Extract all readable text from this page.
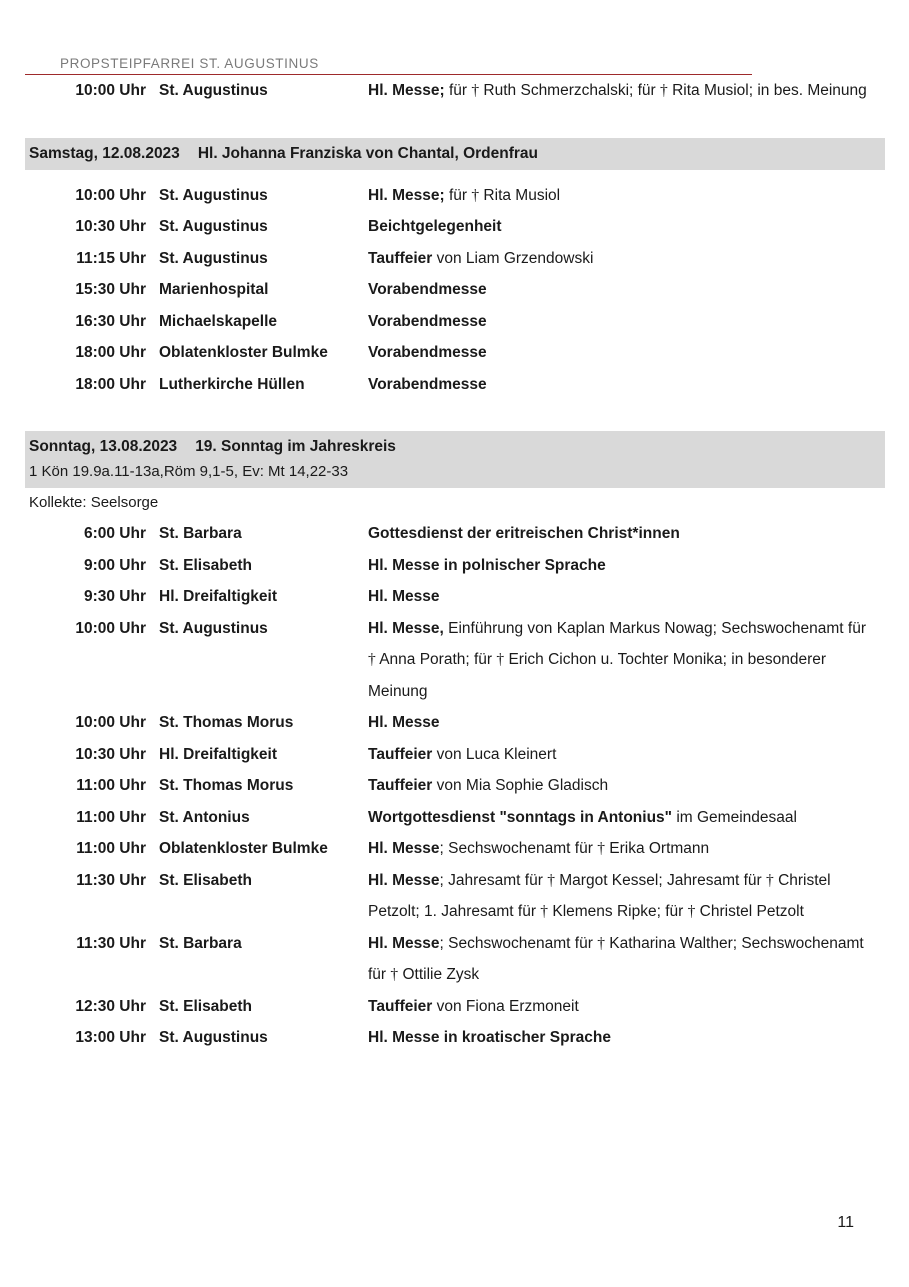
PROPSTEIPFARREI ST. AUGUSTINUS
10:00 Uhr St. Augustinus	Hl. Messe; für † Ruth Schmerzchalski; für † Rita Musiol; in bes. Meinung
Samstag, 12.08.2023 Hl. Johanna Franziska von Chantal, Ordenfrau
10:00 Uhr St. Augustinus	Hl. Messe; für † Rita Musiol
10:30 Uhr St. Augustinus	Beichtgelegenheit
11:15 Uhr St. Augustinus	Tauffeier von Liam Grzendowski
15:30 Uhr Marienhospital	Vorabendmesse
16:30 Uhr Michaelskapelle	Vorabendmesse
18:00 Uhr Oblatenkloster Bulmke	Vorabendmesse
18:00 Uhr Lutherkirche Hüllen	Vorabendmesse
Sonntag, 13.08.2023 19. Sonntag im Jahreskreis
1 Kön 19.9a.11-13a,Röm 9,1-5, Ev: Mt 14,22-33
Kollekte: Seelsorge
6:00 Uhr St. Barbara	Gottesdienst der eritreischen Christ*innen
9:00 Uhr St. Elisabeth	Hl. Messe in polnischer Sprache
9:30 Uhr Hl. Dreifaltigkeit	Hl. Messe
10:00 Uhr St. Augustinus	Hl. Messe, Einführung von Kaplan Markus Nowag; Sechswochenamt für † Anna Porath; für † Erich Cichon u. Tochter Monika; in besonderer Meinung
10:00 Uhr St. Thomas Morus	Hl. Messe
10:30 Uhr Hl. Dreifaltigkeit	Tauffeier von Luca Kleinert
11:00 Uhr St. Thomas Morus	Tauffeier von Mia Sophie Gladisch
11:00 Uhr St. Antonius	Wortgottesdienst "sonntags in Antonius" im Gemeindesaal
11:00 Uhr Oblatenkloster Bulmke	Hl. Messe; Sechswochenamt für † Erika Ortmann
11:30 Uhr St. Elisabeth	Hl. Messe; Jahresamt für † Margot Kessel; Jahresamt für † Christel Petzolt; 1. Jahresamt für † Klemens Ripke; für † Christel Petzolt
11:30 Uhr St. Barbara	Hl. Messe; Sechswochenamt für † Katharina Walther; Sechswochenamt für † Ottilie Zysk
12:30 Uhr St. Elisabeth	Tauffeier von Fiona Erzmoneit
13:00 Uhr St. Augustinus	Hl. Messe in kroatischer Sprache
11
